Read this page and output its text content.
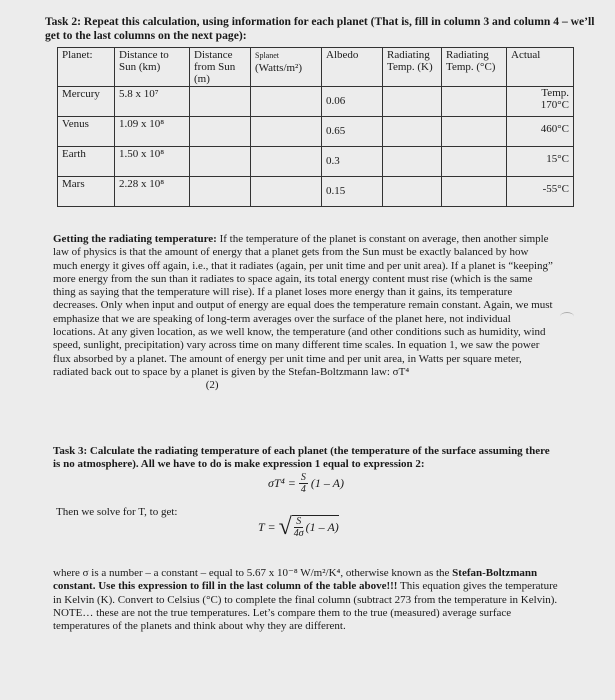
Task 2: Repeat this calculation, using information for each planet (That is, fill in column 3 and column 4 – we’ll get to the last columns on the next page):
Planet:	Distance to Sun (km)	Distance from Sun (m)	Splanet
(Watts/m²)	Albedo	Radiating Temp. (K)	Radiating Temp. (°C)	Actual
Mercury	5.8 x 10⁷			0.06			Temp.
170°C
Venus	1.09 x 10⁸			0.65			460°C
Earth	1.50 x 10⁸			0.3			15°C
Mars	2.28 x 10⁸			0.15			-55°C
Getting the radiating temperature: If the temperature of the planet is constant on average, then another simple law of physics is that the amount of energy that a planet gets from the Sun must be exactly balanced by how much energy it gives off again, i.e., that it radiates (again, per unit time and per unit area). If a planet is “keeping” more energy from the sun than it radiates to space again, its total energy content must rise (which is the same thing as saying that the temperature will rise). If a planet loses more energy than it gains, its temperature decreases. Only when input and output of energy are equal does the temperature remain constant. Again, we must emphasize that we are speaking of long-term averages over the surface of the planet here, not individual locations. At any given location, as we well know, the temperature (and other conditions such as humidity, wind speed, sunlight, precipitation) vary across time on many different time scales. In equation 1, we saw the power flux absorbed by a planet. The amount of energy per unit time and per unit area, in Watts per square meter, radiated back out to space by a planet is given by the Stefan-Boltzmann law: σT⁴  (2)
Task 3: Calculate the radiating temperature of each planet (the temperature of the surface assuming there is no atmosphere). All we have to do is make expression 1 equal to expression 2:
$\sigma T^4 = \frac{S}{4} (1 - A)$
Then we solve for T, to get:
T = √ $\frac{S}{4\sigma} (1 - A)$
where σ is a number – a constant – equal to 5.67 x 10⁻⁸ W/m²/K⁴, otherwise known as the Stefan-Boltzmann constant. Use this expression to fill in the last column of the table above!!! This equation gives the temperature in Kelvin (K). Convert to Celsius (°C) to complete the final column (subtract 273 from the temperature in Kelvin). NOTE… these are not the true temperatures. Let’s compare them to the true (measured) average surface temperatures of the planets and think about why they are different.
